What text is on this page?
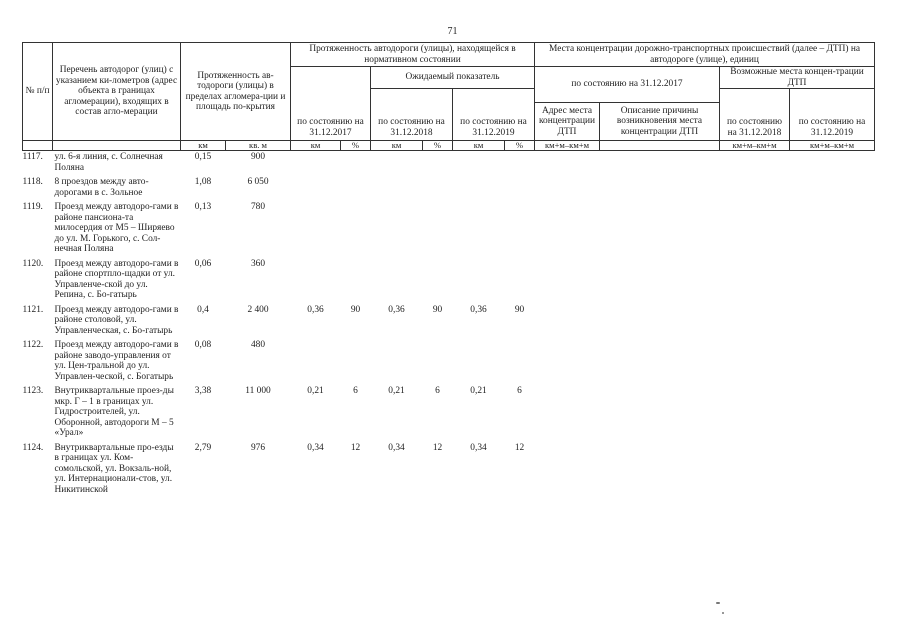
71
№ п/п	Перечень автодорог (улиц) с указанием ки-лометров (адрес объекта в границах агломерации), входящих в состав агло-мерации	Протяженность ав-тодороги (улицы) в пределах агломера-ции и площадь по-крытия		Протяженность автодороги (улицы), находящейся в нормативном состоянии						Места концентрации дорожно-транспортных происшествий (далее – ДТП) на автодороге (улице), единиц			
				по состоянию на 31.12.2017		Ожидаемый показатель				по состоянию на 31.12.2017		Возможные места концен-трации ДТП	
						по состоянию на 31.12.2018		по состоянию на 31.12.2019				по состоянию на 31.12.2018	по состоянию на 31.12.2019
										Адрес места концентрации ДТП	Описание причины возникновения места концентрации ДТП		
		км	кв. м	км	%	км	%	км	%	км+м–км+м		км+м–км+м	км+м–км+м
1117.	ул. 6-я линия, с. Солнечная Поляна	0,15	900										
1118.	8 проездов между авто-дорогами в с. Зольное	1,08	6 050										
1119.	Проезд между автодоро-гами в районе пансиона-та милосердия от М5 – Ширяево до ул. М. Горького, с. Сол-нечная Поляна	0,13	780										
1120.	Проезд между автодоро-гами в районе спортпло-щадки от ул. Управленче-ской до ул. Репина, с. Бо-гатырь	0,06	360										
1121.	Проезд между автодоро-гами в районе столовой, ул. Управленческая, с. Бо-гатырь	0,4	2 400	0,36	90	0,36	90	0,36	90				
1122.	Проезд между автодоро-гами в районе заводо-управления от ул. Цен-тральной до ул. Управлен-ческой, с. Богатырь	0,08	480										
1123.	Внутриквартальные проез-ды мкр. Г – 1 в границах ул. Гидростроителей, ул. Оборонной, автодороги М – 5 «Урал»	3,38	11 000	0,21	6	0,21	6	0,21	6				
1124.	Внутриквартальные про-езды в границах ул. Ком-сомольской, ул. Вокзаль-ной, ул. Интернационали-стов, ул. Никитинской	2,79	976	0,34	12	0,34	12	0,34	12				
